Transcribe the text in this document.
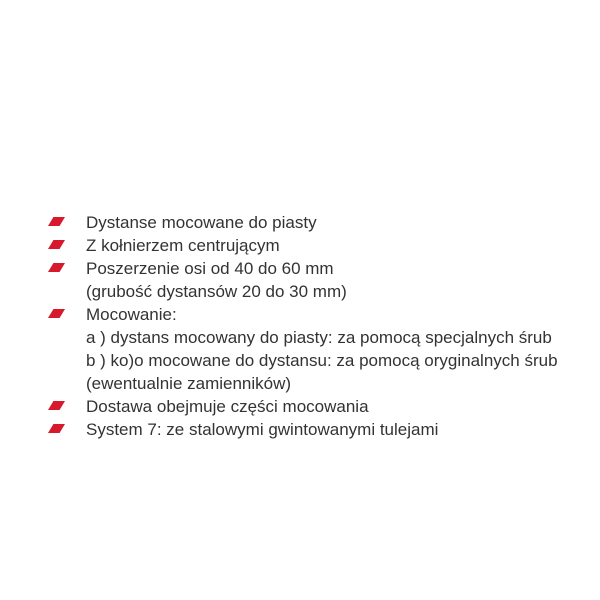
Dystanse mocowane do piasty
Z kołnierzem centrującym
Poszerzenie osi od 40 do 60 mm
(grubość dystansów 20 do 30 mm)
Mocowanie:
a ) dystans mocowany do piasty: za pomocą specjalnych śrub
b ) ko)o mocowane do dystansu: za pomocą oryginalnych śrub
(ewentualnie zamienników)
Dostawa obejmuje części mocowania
System 7: ze stalowymi gwintowanymi tulejami
